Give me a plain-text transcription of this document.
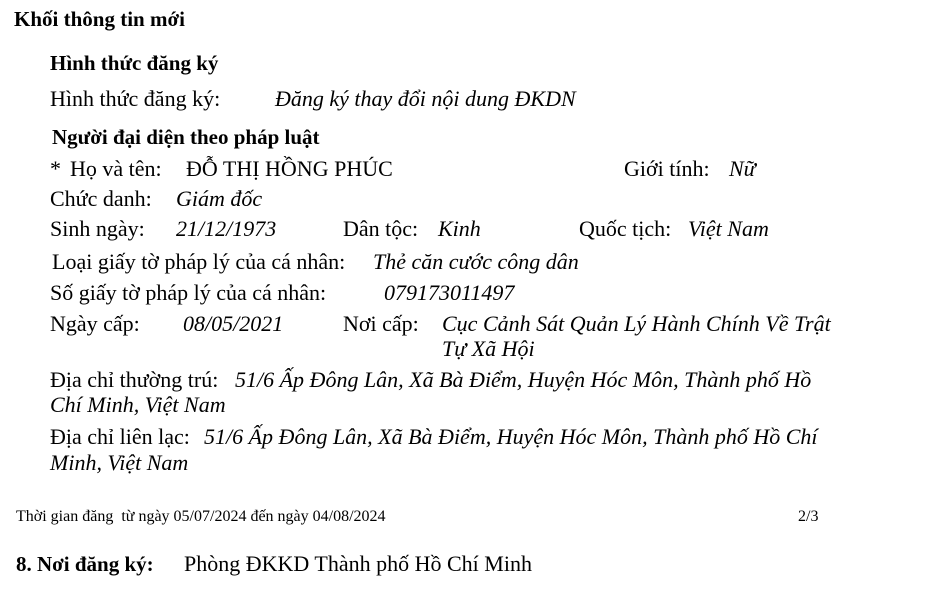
Khối thông tin mới
Hình thức đăng ký
Hình thức đăng ký: Đăng ký thay đổi nội dung ĐKDN
Người đại diện theo pháp luật
* Họ và tên: ĐỖ THỊ HỒNG PHÚC	Giới tính: Nữ
Chức danh: Giám đốc
Sinh ngày: 21/12/1973	Dân tộc: Kinh	Quốc tịch: Việt Nam
Loại giấy tờ pháp lý của cá nhân: Thẻ căn cước công dân
Số giấy tờ pháp lý của cá nhân:	079173011497
Ngày cấp: 08/05/2021	Nơi cấp: Cục Cảnh Sát Quản Lý Hành Chính Về Trật
Tự Xã Hội
Địa chỉ thường trú: 51/6 Ấp Đông Lân, Xã Bà Điểm, Huyện Hóc Môn, Thành phố Hồ
Chí Minh, Việt Nam
Địa chỉ liên lạc: 51/6 Ấp Đông Lân, Xã Bà Điểm, Huyện Hóc Môn, Thành phố Hồ Chí
Minh, Việt Nam
Thời gian đăng  từ ngày 05/07/2024 đến ngày 04/08/2024	2/3
8. Nơi đăng ký: Phòng ĐKKD Thành phố Hồ Chí Minh
